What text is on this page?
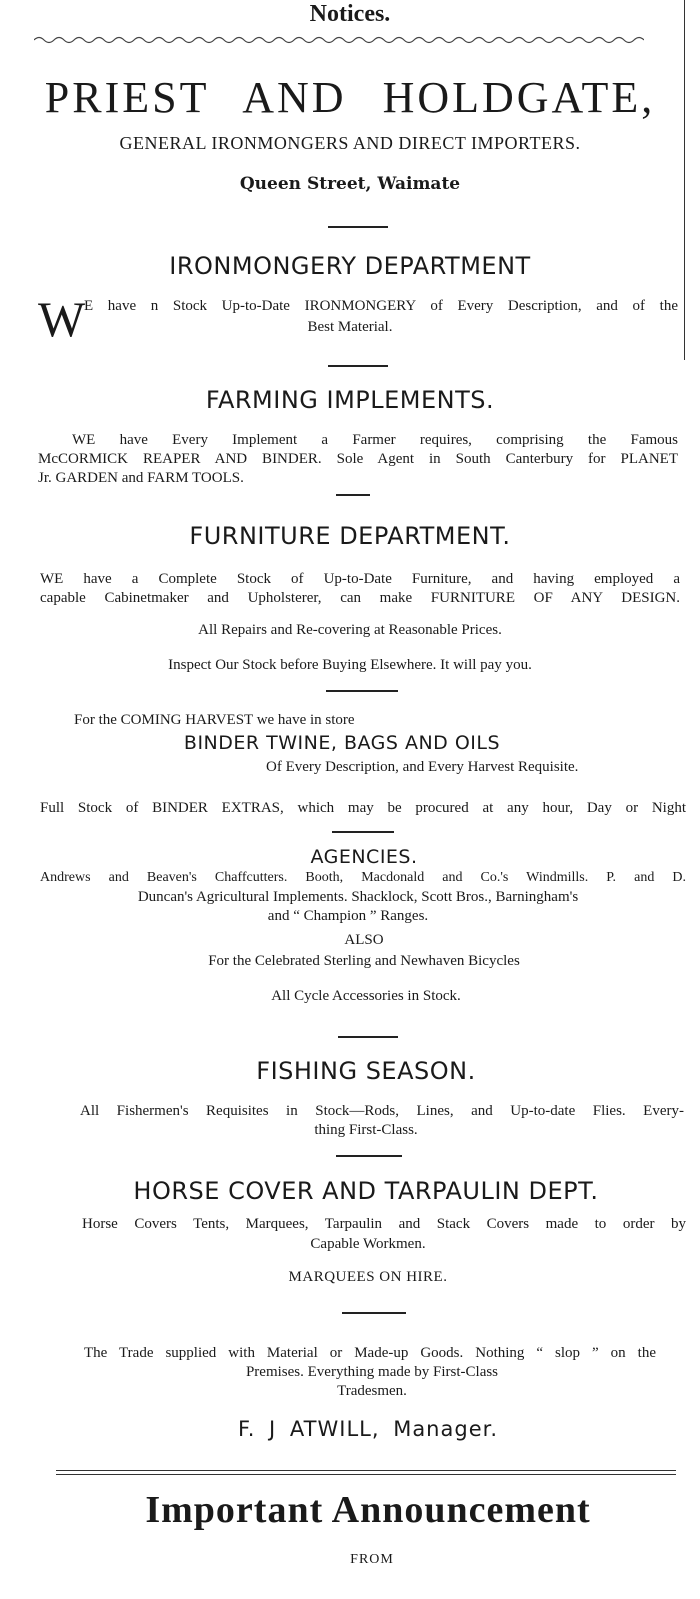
Notices.
PRIEST AND HOLDGATE,
GENERAL IRONMONGERS AND DIRECT IMPORTERS.
Queen Street, Waimate
IRONMONGERY DEPARTMENT
W
E have n Stock Up-to-Date IRONMONGERY of Every Description, and of the
Best Material.
FARMING IMPLEMENTS.
WE have Every Implement a Farmer requires, comprising the Famous
McCORMICK REAPER AND BINDER. Sole Agent in South Canterbury for PLANET
Jr. GARDEN and FARM TOOLS.
FURNITURE DEPARTMENT.
WE have a Complete Stock of Up-to-Date Furniture, and having employed a
capable Cabinetmaker and Upholsterer, can make FURNITURE OF ANY DESIGN.
All Repairs and Re-covering at Reasonable Prices.
Inspect Our Stock before Buying Elsewhere. It will pay you.
For the COMING HARVEST we have in store
BINDER TWINE, BAGS AND OILS
Of Every Description, and Every Harvest Requisite.
Full Stock of BINDER EXTRAS, which may be procured at any hour, Day or Night
AGENCIES.
Andrews and Beaven's Chaffcutters. Booth, Macdonald and Co.'s Windmills. P. and D.
Duncan's Agricultural Implements. Shacklock, Scott Bros., Barningham's
and “ Champion ” Ranges.
ALSO
For the Celebrated Sterling and Newhaven Bicycles
All Cycle Accessories in Stock.
FISHING SEASON.
All Fishermen's Requisites in Stock—Rods, Lines, and Up-to-date Flies. Every-
thing First-Class.
HORSE COVER AND TARPAULIN DEPT.
Horse Covers Tents, Marquees, Tarpaulin and Stack Covers made to order by
Capable Workmen.
MARQUEES ON HIRE.
The Trade supplied with Material or Made-up Goods. Nothing “ slop ” on the
Premises. Everything made by First-Class
Tradesmen.
F. J ATWILL, Manager.
Important Announcement
FROM
